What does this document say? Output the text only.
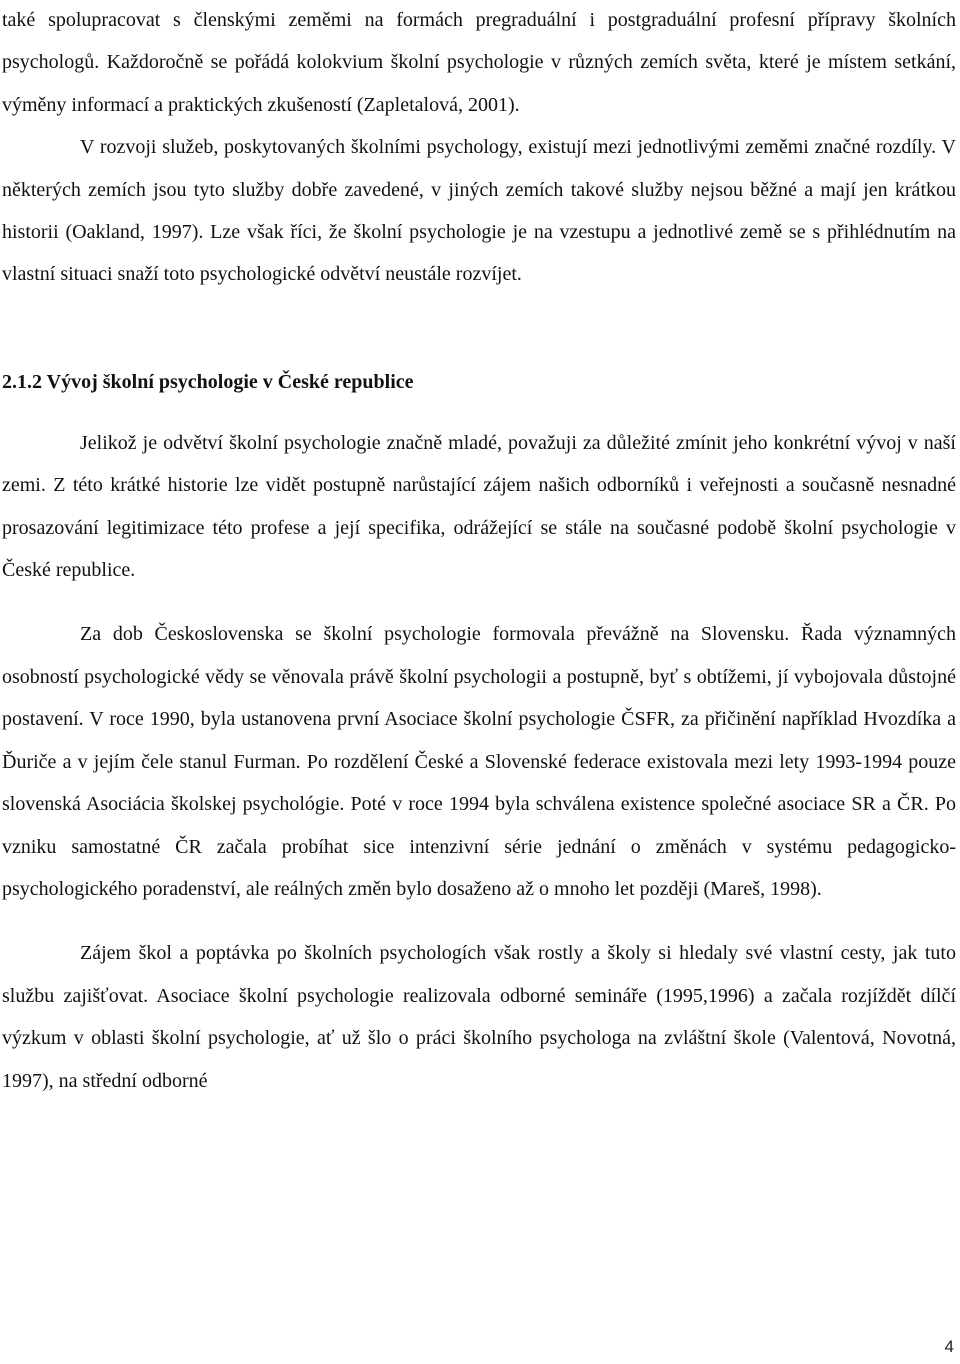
také spolupracovat s členskými zeměmi na formách pregraduální i postgraduální profesní přípravy školních psychologů. Každoročně se pořádá kolokvium školní psychologie v různých zemích světa, které je místem setkání, výměny informací a praktických zkušeností (Zapletalová, 2001).

V rozvoji služeb, poskytovaných školními psychology, existují mezi jednotlivými zeměmi značné rozdíly. V některých zemích jsou tyto služby dobře zavedené, v jiných zemích takové služby nejsou běžné a mají jen krátkou historii (Oakland, 1997). Lze však říci, že školní psychologie je na vzestupu a jednotlivé země se s přihlédnutím na vlastní situaci snaží toto psychologické odvětví neustále rozvíjet.

2.1.2 Vývoj školní psychologie v České republice

Jelikož je odvětví školní psychologie značně mladé, považuji za důležité zmínit jeho konkrétní vývoj v naší zemi. Z této krátké historie lze vidět postupně narůstající zájem našich odborníků i veřejnosti a současně nesnadné prosazování legitimizace této profese a její specifika, odrážející se stále na současné podobě školní psychologie v České republice.

Za dob Československa se školní psychologie formovala převážně na Slovensku. Řada významných osobností psychologické vědy se věnovala právě školní psychologii a postupně, byť s obtížemi, jí vybojovala důstojné postavení. V roce 1990, byla ustanovena první Asociace školní psychologie ČSFR, za přičinění například Hvozdíka a Ďuriče a v jejím čele stanul Furman. Po rozdělení České a Slovenské federace existovala mezi lety 1993-1994 pouze slovenská Asociácia školskej psychológie. Poté v roce 1994 byla schválena existence společné asociace SR a ČR. Po vzniku samostatné ČR začala probíhat sice intenzivní série jednání o změnách v systému pedagogicko-psychologického poradenství, ale reálných změn bylo dosaženo až o mnoho let později (Mareš, 1998).

Zájem škol a poptávka po školních psychologích však rostly a školy si hledaly své vlastní cesty, jak tuto službu zajišťovat. Asociace školní psychologie realizovala odborné semináře (1995,1996) a začala rozjíždět dílčí výzkum v oblasti školní psychologie, ať už šlo o práci školního psychologa na zvláštní škole (Valentová, Novotná, 1997), na střední odborné

4
